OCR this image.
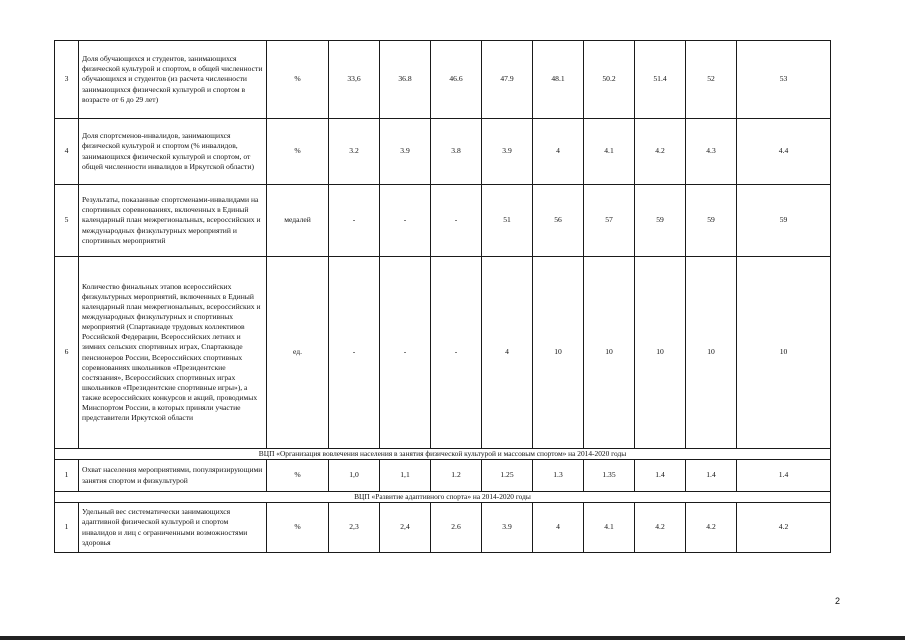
3	Доля обучающихся и студентов, занимающихся физической культурой и спортом, в общей численности обучающихся и студентов (из расчета численности занимающихся физической культурой и спортом в возрасте от 6 до 29 лет)	%	33,6	36.8	46.6	47.9	48.1	50.2	51.4	52	53
4	Доля спортсменов-инвалидов, занимающихся физической культурой и спортом (% инвалидов, занимающихся физической культурой и спортом, от общей численности инвалидов в Иркутской области)	%	3.2	3.9	3.8	3.9	4	4.1	4.2	4.3	4.4
5	Результаты, показанные спортсменами-инвалидами на спортивных соревнованиях, включенных в Единый календарный план межрегиональных, всероссийских и международных физкультурных мероприятий и спортивных мероприятий	медалей	-	-	-	51	56	57	59	59	59
6	Количество финальных этапов всероссийских физкультурных мероприятий, включенных в Единый календарный план межрегиональных, всероссийских и международных физкультурных и спортивных мероприятий (Спартакиаде трудовых коллективов Российской Федерации, Всероссийских летних и зимних сельских спортивных играх, Спартакиаде пенсионеров России, Всероссийских спортивных соревнованиях школьников «Президентские состязания», Всероссийских спортивных играх школьников «Президентские спортивные игры»), а также всероссийских конкурсов и акций, проводимых Минспортом России, в которых приняли участие представители Иркутской области	ед.	-	-	-	4	10	10	10	10	10
ВЦП «Организация вовлечения населения в занятия физической культурой и массовым спортом» на 2014-2020 годы											
1	Охват населения мероприятиями, популяризирующими занятия спортом и физкультурой	%	1,0	1,1	1.2	1.25	1.3	1.35	1.4	1.4	1.4
ВЦП «Развитие адаптивного спорта» на 2014-2020 годы											
1	Удельный вес систематически занимающихся адаптивной физической культурой и спортом инвалидов и лиц с ограниченными возможностями здоровья	%	2,3	2,4	2.6	3.9	4	4.1	4.2	4.2	4.2
2
